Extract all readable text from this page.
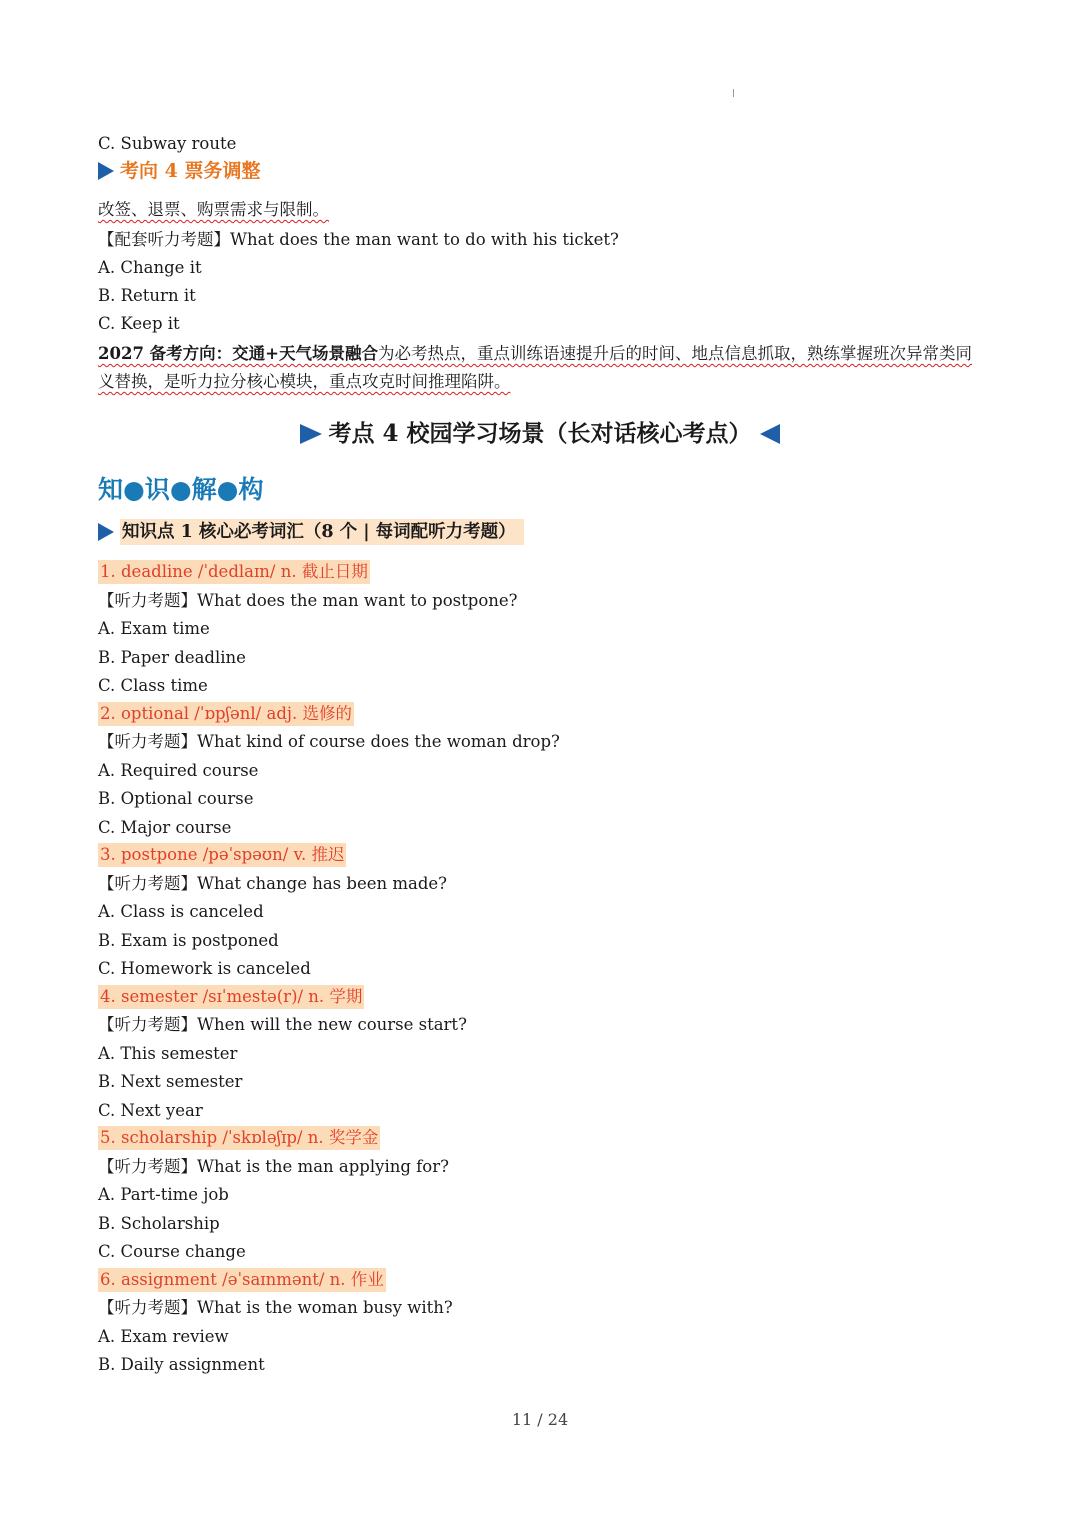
C. Subway route
考向 4 票务调整
改签、退票、购票需求与限制。
【配套听力考题】What does the man want to do with his ticket?
A. Change it
B. Return it
C. Keep it
2027 备考方向：交通+天气场景融合为必考热点，重点训练语速提升后的时间、地点信息抓取，熟练掌握班次异常类同义替换，是听力拉分核心模块，重点攻克时间推理陷阱。
考点 4 校园学习场景（长对话核心考点）
知●识●解●构
知识点 1 核心必考词汇（8 个 | 每词配听力考题）
1. deadline /ˈdedlaɪn/ n. 截止日期
【听力考题】What does the man want to postpone?
A. Exam time
B. Paper deadline
C. Class time
2. optional /ˈɒpʃənl/ adj. 选修的
【听力考题】What kind of course does the woman drop?
A. Required course
B. Optional course
C. Major course
3. postpone /pəˈspəʊn/ v. 推迟
【听力考题】What change has been made?
A. Class is canceled
B. Exam is postponed
C. Homework is canceled
4. semester /sɪˈmestə(r)/ n. 学期
【听力考题】When will the new course start?
A. This semester
B. Next semester
C. Next year
5. scholarship /ˈskɒləʃɪp/ n. 奖学金
【听力考题】What is the man applying for?
A. Part-time job
B. Scholarship
C. Course change
6. assignment /əˈsaɪnmənt/ n. 作业
【听力考题】What is the woman busy with?
A. Exam review
B. Daily assignment
11 / 24
